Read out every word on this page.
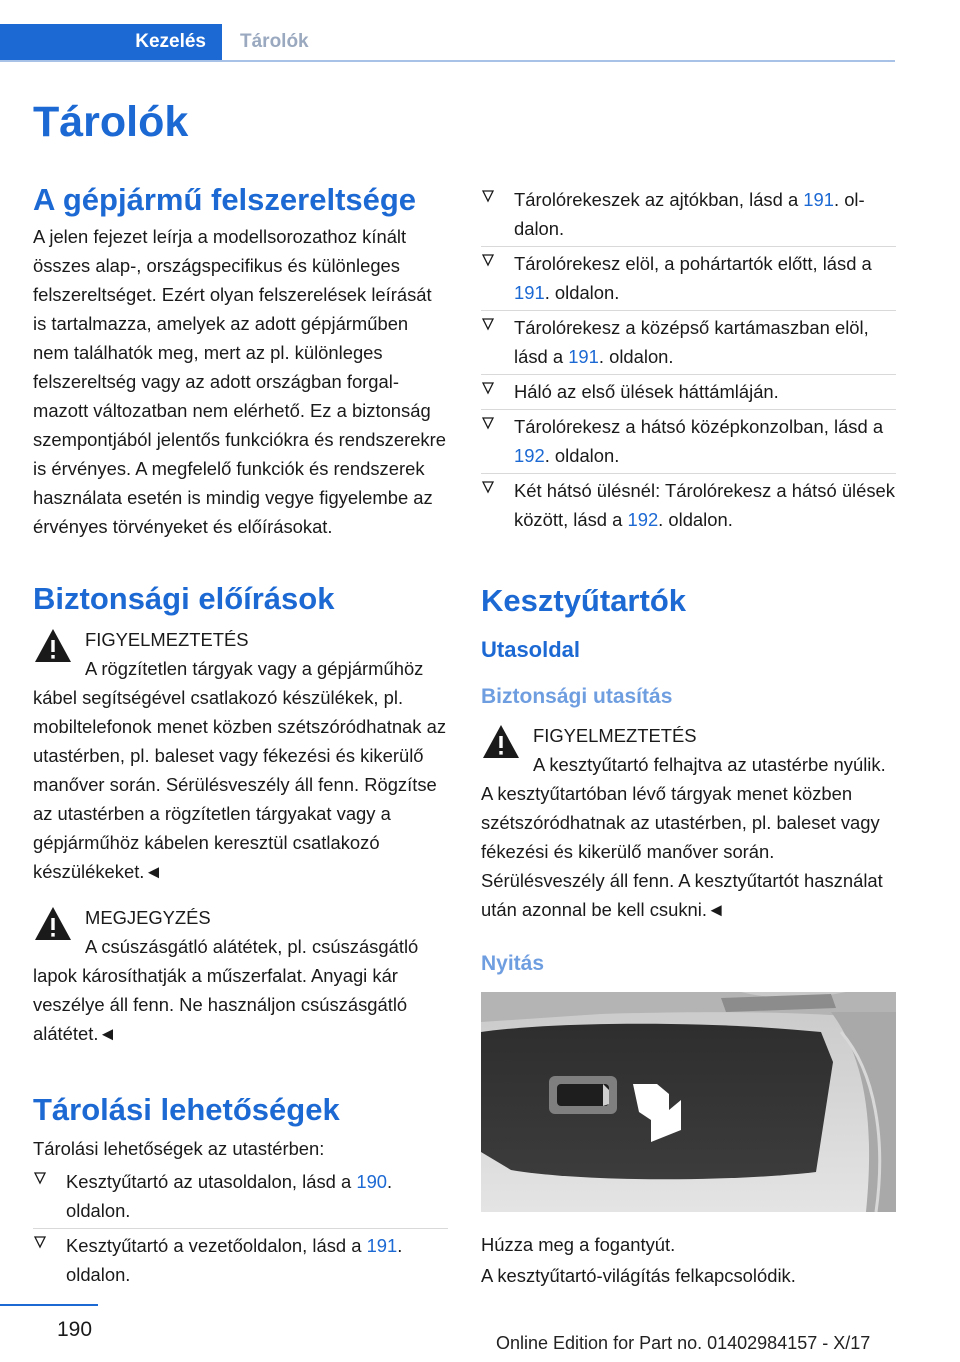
Kezelés	Tárolók
Tárolók
A gépjármű felszereltsége

A jelen fejezet leírja a modellsorozathoz kínált összes alap-, országspecifikus és különleges felszereltséget. Ezért olyan felszerelések leírását is tartalmazza, amelyek az adott gépjárműben nem találhatók meg, mert az pl. különleges felszereltség vagy az adott országban forgalmazott változatban nem elérhető. Ez a biztonság szempontjából jelentős funkciókra és rendszerekre is érvényes. A megfelelő funkciók és rendszerek használata esetén is mindig vegye figyelembe az érvényes törvényeket és előírásokat.

Biztonsági előírások
FIGYELMEZTETÉS

A rögzítetlen tárgyak vagy a gépjárműhöz kábel segítségével csatlakozó készülékek, pl. mobiltelefonok menet közben szétszóródhatnak az utastérben, pl. baleset vagy fékezési és kikerülő manőver során. Sérülésveszély áll fenn. Rögzítse az utastérben a rögzítetlen tárgyakat vagy a gépjárműhöz kábelen keresztül csatlakozó készülékeket.◄

MEGJEGYZÉS

A csúszásgátló alátétek, pl. csúszásgátló lapok károsíthatják a műszerfalat. Anyagi kár veszélye áll fenn. Ne használjon csúszásgátló alátétet.◄

Tárolási lehetőségek

Tárolási lehetőségek az utastérben:

Kesztyűtartó az utasoldalon, lásd a 190. oldalon.
Kesztyűtartó a vezetőoldalon, lásd a 191. oldalon.
Tárolórekeszek az ajtókban, lásd a 191. oldalon.
Tárolórekesz elöl, a pohártartók előtt, lásd a 191. oldalon.
Tárolórekesz a középső kartámaszban elöl, lásd a 191. oldalon.
Háló az első ülések háttámláján.
Tárolórekesz a hátsó középkonzolban, lásd a 192. oldalon.
Két hátsó ülésnél: Tárolórekesz a hátsó ülések között, lásd a 192. oldalon.
Kesztyűtartók
Utasoldal
Biztonsági utasítás
FIGYELMEZTETÉS

A kesztyűtartó felhajtva az utastérbe nyúlik. A kesztyűtartóban lévő tárgyak menet közben szétszóródhatnak az utastérben, pl. baleset vagy fékezési és kikerülő manőver során. Sérülésveszély áll fenn. A kesztyűtartót használat után azonnal be kell csukni.◄

Nyitás

Húzza meg a fogantyút.

A kesztyűtartó-világítás felkapcsolódik.

190
Online Edition for Part no. 01402984157 - X/17
